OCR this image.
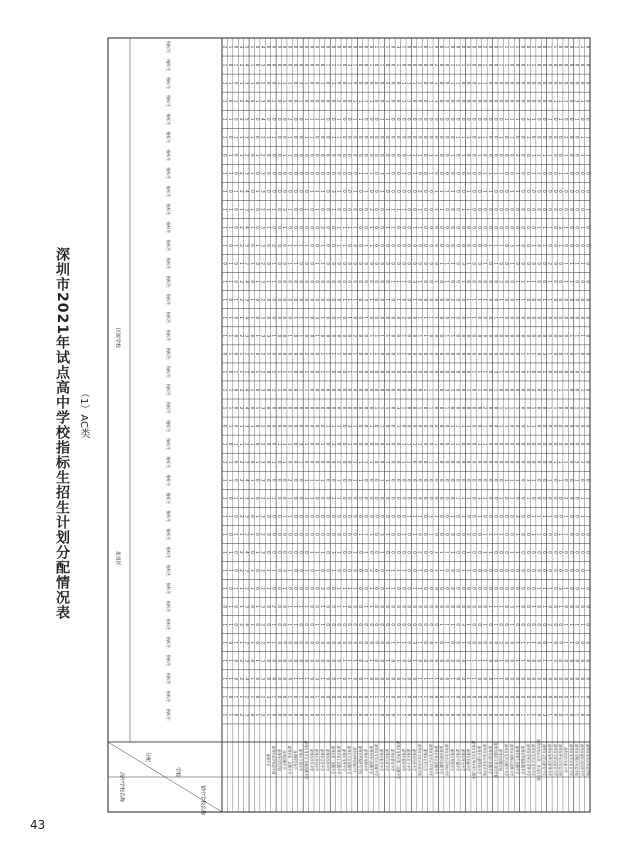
深圳市2021年试点高中学校指标生招生计划分配情况表 （1）AC类
43
指标生
指标生
指标生
指标生
指标生
指标生
指标生
指标生
指标生
指标生
指标生
指标生
指标生
指标生
指标生
指标生
指标生
指标生
指标生
指标生
指标生
指标生
指标生
指标生
指标生
指标生
指标生
指标生
指标生
指标生
指标生
指标生
指标生
指标生
指标生
指标生
指标生
指标生
分配
学校
高中学校名称	初中学校名称
区属学校
龙岗区
2
1
1
1
1
1
0
1
1
1
1
1
0
1
1
1
1
0
1
1
1
0
1
1
1
1
1
1
1
1
1
0
1
1
1
1
1
1
1
0
1
0
1
0
1
1
0
1
1
0
1
1
0
1
1
1
0
1
1
1
0
1
1
0
1
0
1
1
0
1
1
0
1
1
0
1
0
1
0
1
0
1
0
0
1
0
0
1
0
0
1
0
0
0
1
0
0
0
1
0
0
1
0
1
0
0
1
0
0
1
0
0
1
0
3
2
1
2
2
1
1
2
2
1
2
2
1
2
2
1
2
1
1
2
2
1
1
2
2
1
2
1
2
2
1
1
2
1
2
2
1
2
5
4
3
4
5
3
2
3
4
3
4
5
2
4
3
4
3
2
2
4
4
3
2
3
4
3
3
2
4
3
2
3
4
2
3
4
2
3
1
1
1
0
1
1
0
1
0
1
1
0
1
0
1
1
0
1
0
1
0
1
1
0
1
1
0
1
0
1
1
0
1
1
0
1
1
0
0
0
0
1
0
0
1
0
1
0
0
1
0
1
0
0
1
0
1
0
1
0
0
1
0
0
1
0
1
0
0
1
0
0
1
0
0
1
4
3
2
3
4
2
2
3
3
2
3
3
2
3
2
3
3
2
2
3
3
2
2
3
3
2
3
2
3
2
2
3
3
2
3
3
2
3
深圳中学
0
0
0
0
0
1
0
0
0
1
1
0
0
1
0
0
3
1
0
0
0
0
0
0
0
1
0
0
0
1
1
0
0
1
0
0
3
1
深圳实验学校高中部
0
0
0
1
0
1
0
0
0
1
0
2
1
1
0
0
1
0
1
1
0
0
0
1
0
1
0
0
0
1
0
2
1
1
0
0
1
0
深圳外国语学校
0
0
1
0
0
0
0
0
0
0
0
0
0
0
0
0
0
0
1
1
0
0
1
0
0
0
0
0
0
0
0
0
0
0
0
0
0
0
深圳高级中学
0
0
1
1
0
0
1
0
0
3
1
0
0
0
0
0
0
0
1
0
0
0
1
1
0
0
1
0
0
3
1
0
0
0
0
0
0
0
深圳市第二高级中学
0
0
1
0
2
1
1
0
0
1
0
1
1
0
0
0
1
0
1
0
0
0
1
0
2
1
1
0
0
1
0
1
1
0
0
0
1
0
深圳科学高中
0
0
0
0
0
0
0
0
0
0
0
1
1
0
0
1
0
0
0
0
0
0
0
0
0
0
0
0
0
0
0
1
1
0
0
1
0
0
深圳市平冈中学
0
0
3
1
0
0
0
0
0
0
0
1
0
0
0
1
1
0
0
1
0
0
3
1
0
0
0
0
0
0
0
1
0
0
0
1
1
0
深圳市龙岗区龙城高级中学
0
0
1
0
1
1
0
0
0
1
0
1
0
0
0
1
0
2
1
1
0
0
1
0
1
1
0
0
0
1
0
1
0
0
0
1
0
2
深圳市南头中学
0
0
0
0
1
1
0
0
1
0
0
0
0
0
0
0
0
0
0
0
0
0
0
0
1
1
0
0
1
0
0
0
0
0
0
0
0
0
深圳市翠园中学
0
0
0
0
1
0
0
0
1
1
0
0
1
0
0
3
1
0
0
0
0
0
0
0
1
0
0
0
1
1
0
0
1
0
0
3
1
0
深圳市宝安中学
0
0
1
0
1
0
0
0
1
0
2
1
1
0
0
1
0
1
1
0
0
0
1
0
1
0
0
0
1
0
2
1
1
0
0
1
0
1
深圳市红岭中学
0
1
0
0
0
0
0
0
0
0
0
0
0
0
0
0
0
1
1
0
0
1
0
0
0
0
0
0
0
0
0
0
0
0
0
0
0
1
深圳市第三高级中学
0
1
1
0
0
1
0
0
3
1
0
0
0
0
0
0
0
1
0
0
0
1
1
0
0
1
0
0
3
1
0
0
0
0
0
0
0
1
深圳市第七高级中学
0
1
0
2
1
1
0
0
1
0
1
1
0
0
0
1
0
1
0
0
0
1
0
2
1
1
0
0
1
0
1
1
0
0
0
1
0
1
深圳市龙华中学
0
0
0
0
0
0
0
0
0
0
1
1
0
0
1
0
0
0
0
0
0
0
0
0
0
0
0
0
0
0
1
1
0
0
1
0
0
0
深圳市宝安高级中学
0
3
1
0
0
0
0
0
0
0
1
0
0
0
1
1
0
0
1
0
0
3
1
0
0
0
0
0
0
0
1
0
0
0
1
1
0
0
深圳市华侨城中学
0
1
0
1
1
0
0
0
1
0
1
0
0
0
1
0
2
1
1
0
0
1
0
1
1
0
0
0
1
0
1
0
0
0
1
0
2
1
深圳市罗湖外语学校
0
0
0
1
1
0
0
1
0
0
0
0
0
0
0
0
0
0
0
0
0
0
0
1
1
0
0
1
0
0
0
0
0
0
0
0
0
0
深圳市光明中学
0
0
0
1
0
0
0
1
1
0
0
1
0
0
3
1
0
0
0
0
0
0
0
1
0
0
0
1
1
0
0
1
0
0
3
1
0
0
深圳市坪山高级中学
0
1
0
1
0
0
0
1
0
2
1
1
0
0
1
0
1
1
0
0
0
1
0
1
0
0
0
1
0
2
1
1
0
0
1
0
1
1
深圳市龙岗区龙城中学
1
0
0
0
0
0
0
0
0
0
0
0
0
0
0
0
1
1
0
0
1
0
0
0
0
0
0
0
0
0
0
0
0
0
0
0
1
1
深圳市松岗中学
1
1
0
0
1
0
0
3
1
0
0
0
0
0
0
0
1
0
0
0
1
1
0
0
1
0
0
3
1
0
0
0
0
0
0
0
1
0
深圳市沙井中学
1
0
2
1
1
0
0
1
0
1
1
0
0
0
1
0
1
0
0
0
1
0
2
1
1
0
0
1
0
1
1
0
0
0
1
0
1
0
深圳市新安中学
0
0
0
0
0
0
0
0
0
1
1
0
0
1
0
0
0
0
0
0
0
0
0
0
0
0
0
0
0
1
1
0
0
1
0
0
0
0
深圳市龙华区第二高级中学
3
1
0
0
0
0
0
0
0
1
0
0
0
1
1
0
0
1
0
0
3
1
0
0
0
0
0
0
0
1
0
0
0
1
1
0
0
1
深圳市福田中学
1
0
1
1
0
0
0
1
0
1
0
0
0
1
0
2
1
1
0
0
1
0
1
1
0
0
0
1
0
1
0
0
0
1
0
2
1
1
深圳市育才中学
0
0
1
1
0
0
1
0
0
0
0
0
0
0
0
0
0
0
0
0
0
0
1
1
0
0
1
0
0
0
0
0
0
0
0
0
0
0
深圳市西乡中学
0
0
1
0
0
0
1
1
0
0
1
0
0
3
1
0
0
0
0
0
0
0
1
0
0
0
1
1
0
0
1
0
0
3
1
0
0
0
深圳市宝安区实验学校
1
0
1
0
0
0
1
0
2
1
1
0
0
1
0
1
1
0
0
0
1
0
1
0
0
0
1
0
2
1
1
0
0
1
0
1
1
0
深圳市石岩公学
0
0
0
0
0
0
0
0
0
0
0
0
0
0
0
1
1
0
0
1
0
0
0
0
0
0
0
0
0
0
0
0
0
0
0
1
1
0
深圳市龙岗区平冈中学
1
0
0
1
0
0
3
1
0
0
0
0
0
0
0
1
0
0
0
1
1
0
0
1
0
0
3
1
0
0
0
0
0
0
0
1
0
0
深圳市布吉高级中学
0
2
1
1
0
0
1
0
1
1
0
0
0
1
0
1
0
0
0
1
0
2
1
1
0
0
1
0
1
1
0
0
0
1
0
1
0
0
深圳市横岗高级中学
0
0
0
0
0
0
0
0
1
1
0
0
1
0
0
0
0
0
0
0
0
0
0
0
0
0
0
0
1
1
0
0
1
0
0
0
0
0
深圳市龙岗区坪地中学
1
0
0
0
0
0
0
0
1
0
0
0
1
1
0
0
1
0
0
3
1
0
0
0
0
0
0
0
1
0
0
0
1
1
0
0
1
0
深圳市观澜中学
0
1
1
0
0
0
1
0
1
0
0
0
1
0
2
1
1
0
0
1
0
1
1
0
0
0
1
0
1
0
0
0
1
0
2
1
1
0
深圳市平湖中学
0
1
1
0
0
1
0
0
0
0
0
0
0
0
0
0
0
0
0
0
0
1
1
0
0
1
0
0
0
0
0
0
0
0
0
0
0
0
深圳市坪山中学
0
1
0
0
0
1
1
0
0
1
0
0
3
1
0
0
0
0
0
0
0
1
0
0
0
1
1
0
0
1
0
0
3
1
0
0
0
0
深圳市葵涌中学
0
1
0
0
0
1
0
2
1
1
0
0
1
0
1
1
0
0
0
1
0
1
0
0
0
1
0
2
1
1
0
0
1
0
1
1
0
0
深圳市龙岗区华中师大附中
0
0
0
0
0
0
0
0
0
0
0
0
0
0
1
1
0
0
1
0
0
0
0
0
0
0
0
0
0
0
0
0
0
0
1
1
0
0
深圳市大鹏华侨中学
0
0
1
0
0
3
1
0
0
0
0
0
0
0
1
0
0
0
1
1
0
0
1
0
0
3
1
0
0
0
0
0
0
0
1
0
0
0
深圳市南山外国语学校
2
1
1
0
0
1
0
1
1
0
0
0
1
0
1
0
0
0
1
0
2
1
1
0
0
1
0
1
1
0
0
0
1
0
1
0
0
0
深圳市盐田高级中学
0
0
0
0
0
0
0
1
1
0
0
1
0
0
0
0
0
0
0
0
0
0
0
0
0
0
0
1
1
0
0
1
0
0
0
0
0
0
深圳市福田区外国语学校
0
0
0
0
0
0
0
1
0
0
0
1
1
0
0
1
0
0
3
1
0
0
0
0
0
0
0
1
0
0
0
1
1
0
0
1
0
0
深圳市明德学校
1
1
0
0
0
1
0
1
0
0
0
1
0
2
1
1
0
0
1
0
1
1
0
0
0
1
0
1
0
0
0
1
0
2
1
1
0
0
深圳市龙岗区横岗中学
1
1
0
0
1
0
0
0
0
0
0
0
0
0
0
0
0
0
0
0
1
1
0
0
1
0
0
0
0
0
0
0
0
0
0
0
0
0
深圳市光明区高级中学
1
0
0
0
1
1
0
0
1
0
0
3
1
0
0
0
0
0
0
0
1
0
0
0
1
1
0
0
1
0
0
3
1
0
0
0
0
0
深圳市第九高级中学
1
0
0
0
1
0
2
1
1
0
0
1
0
1
1
0
0
0
1
0
1
0
0
0
1
0
2
1
1
0
0
1
0
1
1
0
0
0
深圳市罗湖高级中学
0
0
0
0
0
0
0
0
0
0
0
0
0
1
1
0
0
1
0
0
0
0
0
0
0
0
0
0
0
0
0
0
0
1
1
0
0
1
深圳市龙华区龙华中学
0
1
0
0
3
1
0
0
0
0
0
0
0
1
0
0
0
1
1
0
0
1
0
0
3
1
0
0
0
0
0
0
0
1
0
0
0
1
深圳市龙岗区龙岗中学
1
1
0
0
1
0
1
1
0
0
0
1
0
1
0
0
0
1
0
2
1
1
0
0
1
0
1
1
0
0
0
1
0
1
0
0
0
1
深圳市南山区第二外国语学校
0
0
0
0
0
0
1
1
0
0
1
0
0
0
0
0
0
0
0
0
0
0
0
0
0
0
1
1
0
0
1
0
0
0
0
0
0
0
深圳市宝安区新安中学
0
0
0
0
0
0
1
0
0
0
1
1
0
0
1
0
0
3
1
0
0
0
0
0
0
0
1
0
0
0
1
1
0
0
1
0
0
3
深圳市龙华区新华中学
1
0
0
0
1
0
1
0
0
0
1
0
2
1
1
0
0
1
0
1
1
0
0
0
1
0
1
0
0
0
1
0
2
1
1
0
0
1
深圳市宝安区福永中学
1
0
0
1
0
0
0
0
0
0
0
0
0
0
0
0
0
0
0
1
1
0
0
1
0
0
0
0
0
0
0
0
0
0
0
0
0
0
深圳市坪山区实验学校
0
0
0
1
1
0
0
1
0
0
3
1
0
0
0
0
0
0
0
1
0
0
0
1
1
0
0
1
0
0
3
1
0
0
0
0
0
0
深圳市沙头角中学
0
0
0
1
0
2
1
1
0
0
1
0
1
1
0
0
0
1
0
1
0
0
0
1
0
2
1
1
0
0
1
0
1
1
0
0
0
1
深圳市龙岗区布吉中学
0
0
0
0
0
0
0
0
0
0
0
0
1
1
0
0
1
0
0
0
0
0
0
0
0
0
0
0
0
0
0
0
1
1
0
0
1
0
深圳市光明区实验学校
1
0
0
3
1
0
0
0
0
0
0
0
1
0
0
0
1
1
0
0
1
0
0
3
1
0
0
0
0
0
0
0
1
0
0
0
1
1
深圳市福田区红岭中学
1
0
0
1
0
1
1
0
0
0
1
0
1
0
0
0
1
0
2
1
1
0
0
1
0
1
1
0
0
0
1
0
1
0
0
0
1
0
深圳市龙岗区实验学校
0
0
0
0
0
1
1
0
0
1
0
0
0
0
0
0
0
0
0
0
0
0
0
0
0
1
1
0
0
1
0
0
0
0
0
0
0
0
